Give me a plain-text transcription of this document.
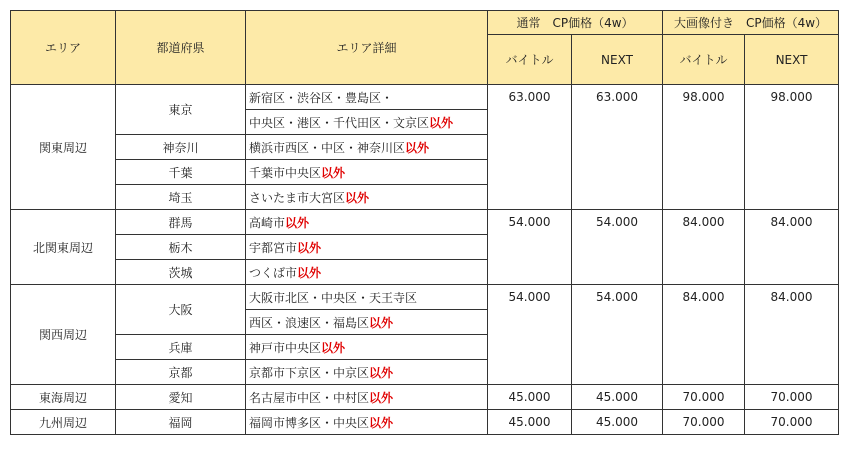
エリア	都道府県	エリア詳細	通常　CP価格（4w）		大画像付き　CP価格（4w）	
			バイトル	NEXT	バイトル	NEXT
関東周辺	東京	新宿区・渋谷区・豊島区・	63.000	63.000	98.000	98.000
		中央区・港区・千代田区・文京区以外				
	神奈川	横浜市西区・中区・神奈川区以外				
	千葉	千葉市中央区以外				
	埼玉	さいたま市大宮区以外				
北関東周辺	群馬	高崎市以外	54.000	54.000	84.000	84.000
	栃木	宇都宮市以外				
	茨城	つくば市以外				
関西周辺	大阪	大阪市北区・中央区・天王寺区	54.000	54.000	84.000	84.000
		西区・浪速区・福島区以外				
	兵庫	神戸市中央区以外				
	京都	京都市下京区・中京区以外				
東海周辺	愛知	名古屋市中区・中村区以外	45.000	45.000	70.000	70.000
九州周辺	福岡	福岡市博多区・中央区以外	45.000	45.000	70.000	70.000
